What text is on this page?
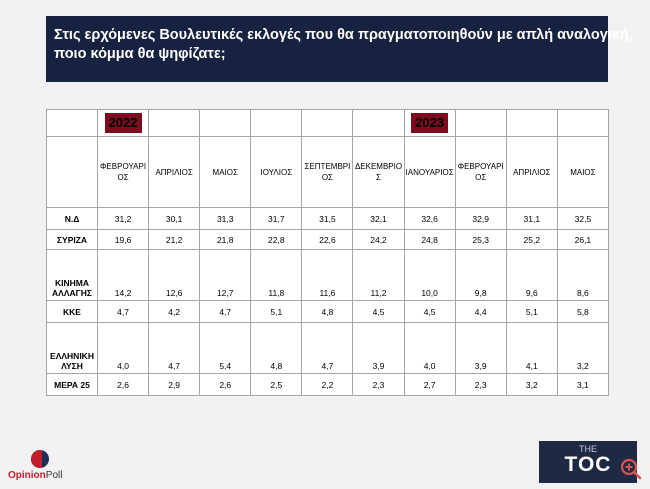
Στις ερχόμενες Βουλευτικές εκλογές που θα πραγματοποιηθούν με απλή αναλογική,
ποιο κόμμα θα ψηφίζατε;
	2022						2023			
	ΦΕΒΡΟΥΑΡΙ
ΟΣ	ΑΠΡΙΛΙΟΣ	ΜΑΙΟΣ	ΙΟΥΛΙΟΣ	ΣΕΠΤΕΜΒΡΙ
ΟΣ	ΔΕΚΕΜΒΡΙΟ
Σ	ΙΑΝΟΥΑΡΙΟΣ	ΦΕΒΡΟΥΑΡΙ
ΟΣ	ΑΠΡΙΛΙΟΣ	ΜΑΙΟΣ
Ν.Δ	31,2	30,1	31,3	31,7	31,5	32,1	32,6	32,9	31,1	32,5
ΣΥΡΙΖΑ	19,6	21,2	21,8	22,8	22,6	24,2	24,8	25,3	25,2	26,1
ΚΙΝΗΜΑ
ΑΛΛΑΓΗΣ	14,2	12,6	12,7	11,8	11,6	11,2	10,0	9,8	9,6	8,6
ΚΚΕ	4,7	4,2	4,7	5,1	4,8	4,5	4,5	4,4	5,1	5,8
ΕΛΛΗΝΙΚΗ
ΛΥΣΗ	4,0	4,7	5,4	4,8	4,7	3,9	4,0	3,9	4,1	3,2
ΜΕΡΑ 25	2,6	2,9	2,6	2,5	2,2	2,3	2,7	2,3	3,2	3,1
OpinionPoll
THE
TOC
